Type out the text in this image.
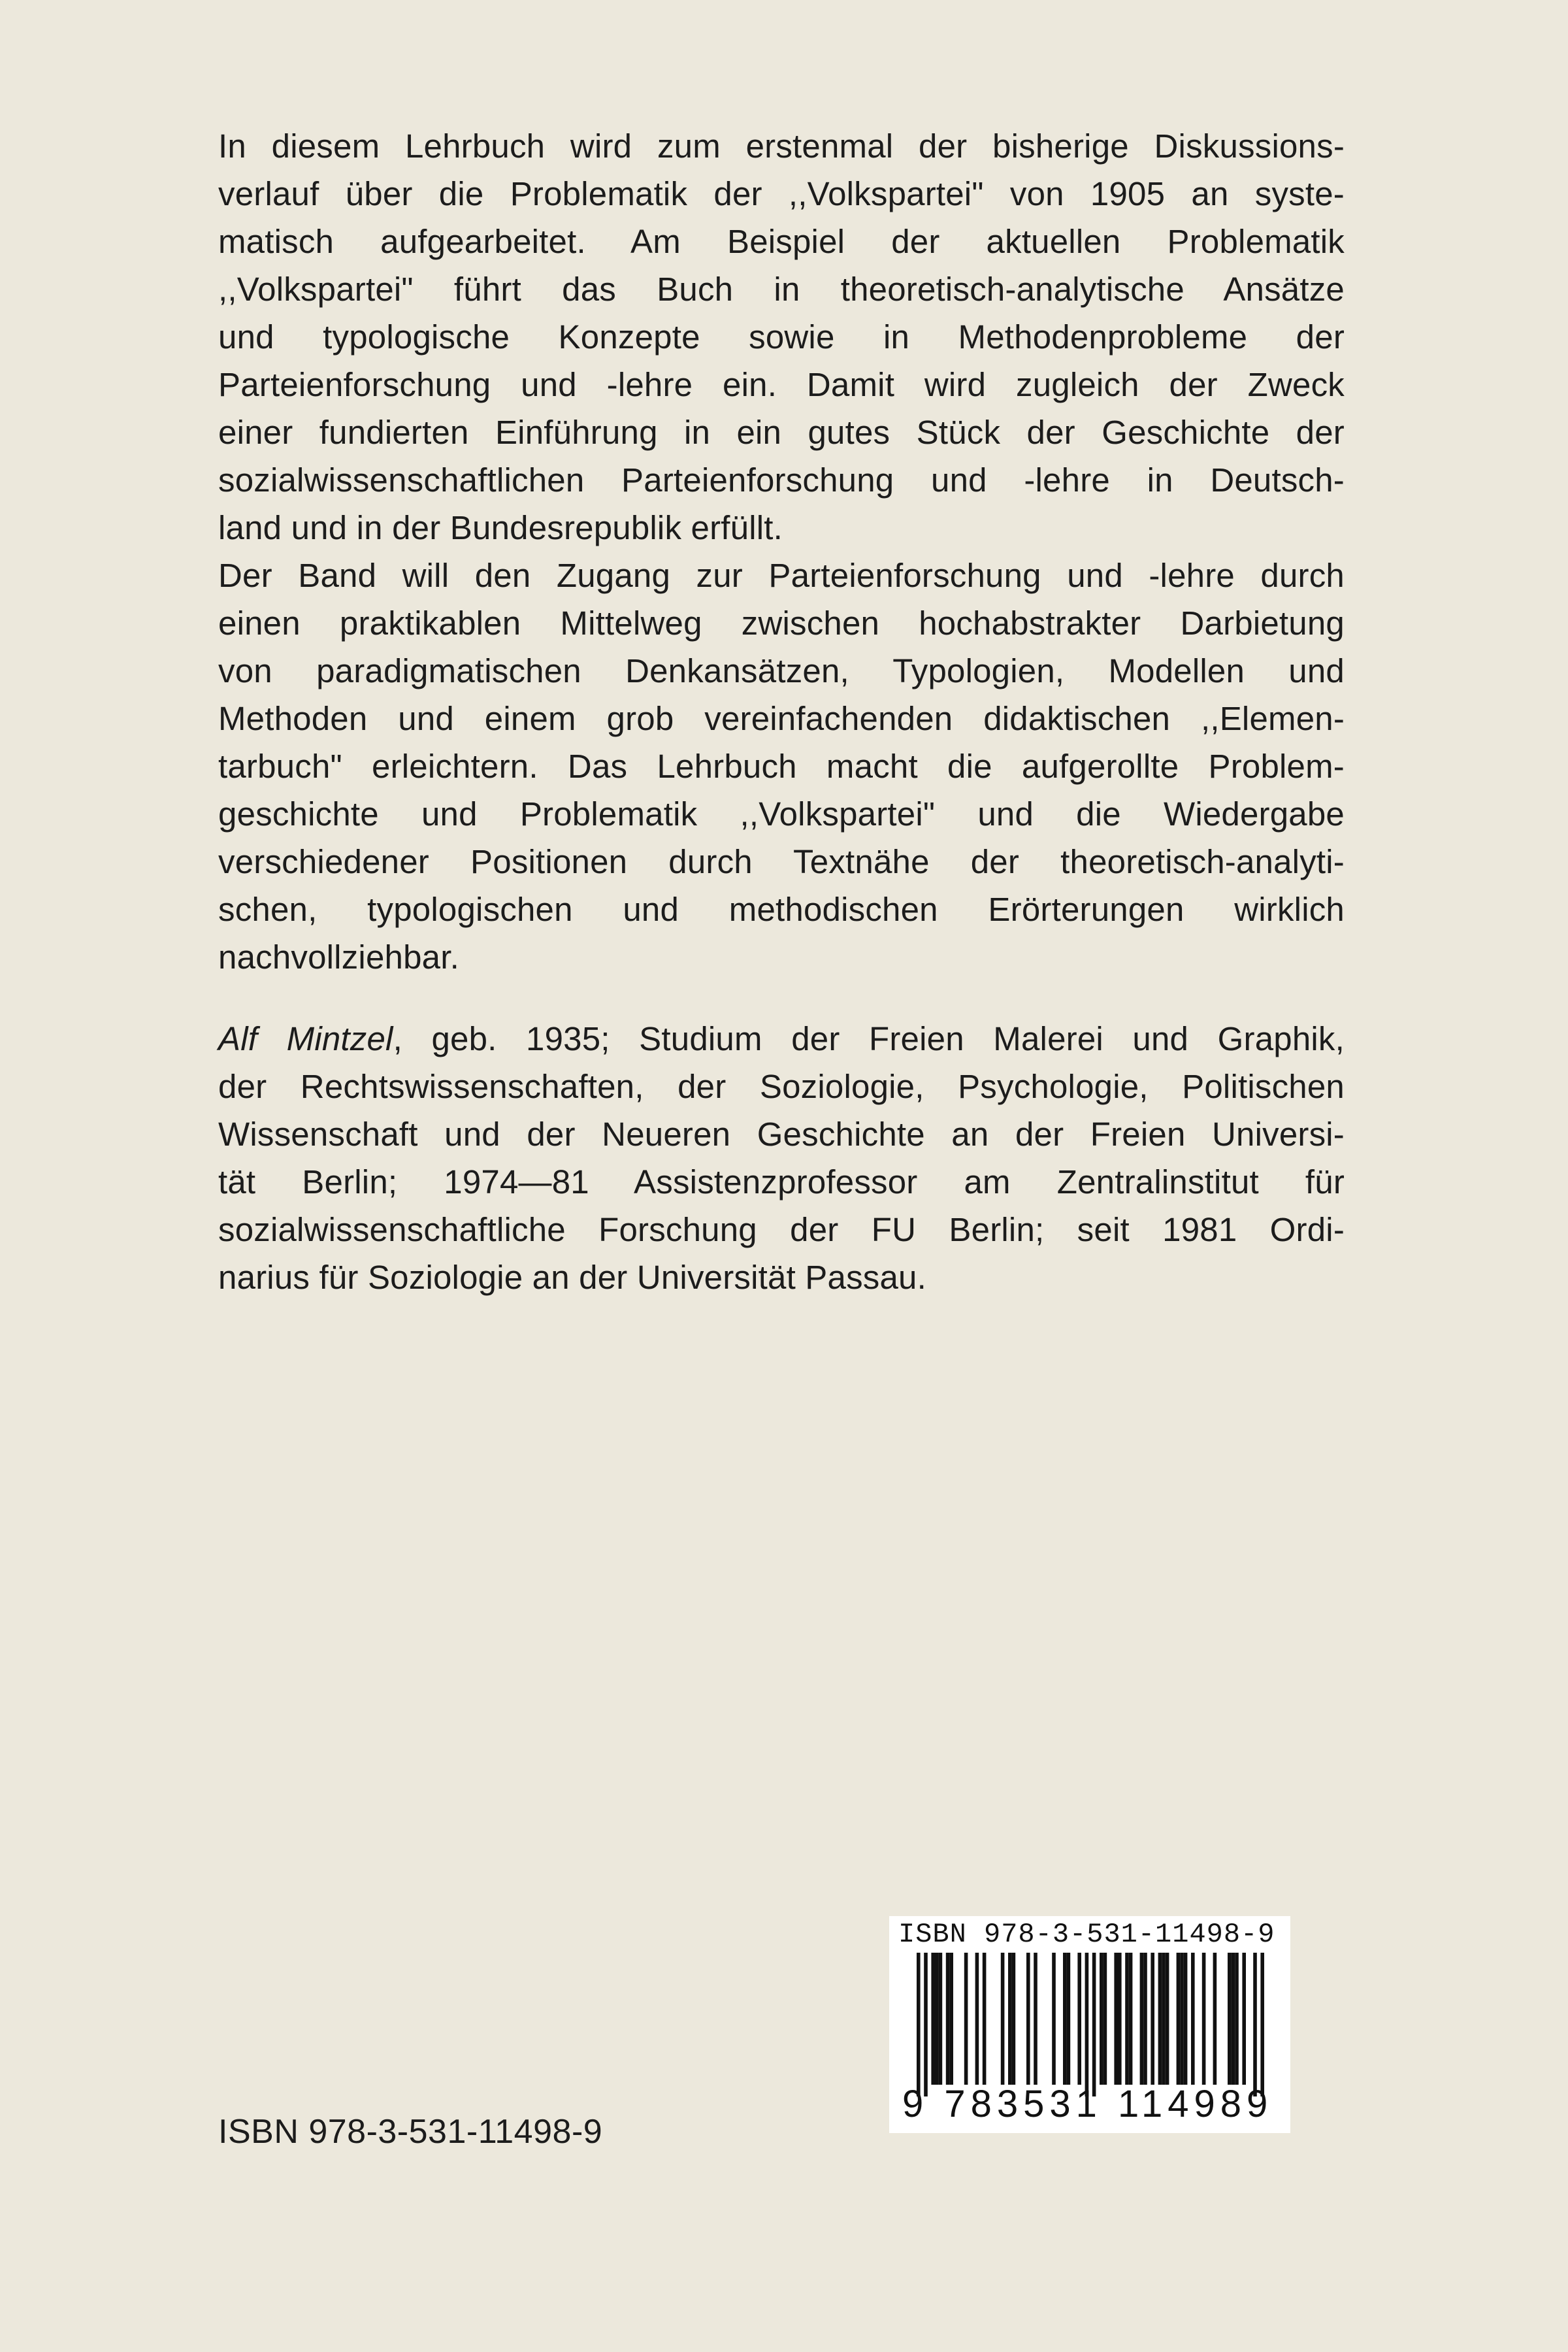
In diesem Lehrbuch wird zum erstenmal der bisherige Diskussions-
verlauf über die Problematik der ,,Volkspartei" von 1905 an syste-
matisch aufgearbeitet. Am Beispiel der aktuellen Problematik
,,Volkspartei" führt das Buch in theoretisch-analytische Ansätze
und typologische Konzepte sowie in Methodenprobleme der
Parteienforschung und -lehre ein. Damit wird zugleich der Zweck
einer fundierten Einführung in ein gutes Stück der Geschichte der
sozialwissenschaftlichen Parteienforschung und -lehre in Deutsch-
land und in der Bundesrepublik erfüllt.
Der Band will den Zugang zur Parteienforschung und -lehre durch
einen praktikablen Mittelweg zwischen hochabstrakter Darbietung
von paradigmatischen Denkansätzen, Typologien, Modellen und
Methoden und einem grob vereinfachenden didaktischen ,,Elemen-
tarbuch" erleichtern. Das Lehrbuch macht die aufgerollte Problem-
geschichte und Problematik ,,Volkspartei" und die Wiedergabe
verschiedener Positionen durch Textnähe der theoretisch-analyti-
schen, typologischen und methodischen Erörterungen wirklich
nachvollziehbar.
Alf Mintzel, geb. 1935; Studium der Freien Malerei und Graphik,
der Rechtswissenschaften, der Soziologie, Psychologie, Politischen
Wissenschaft und der Neueren Geschichte an der Freien Universi-
tät Berlin; 1974—81 Assistenzprofessor am Zentralinstitut für
sozialwissenschaftliche Forschung der FU Berlin; seit 1981 Ordi-
narius für Soziologie an der Universität Passau.
ISBN 978-3-531-11498-9
ISBN 978-3-531-11498-9
9 783531 114989
